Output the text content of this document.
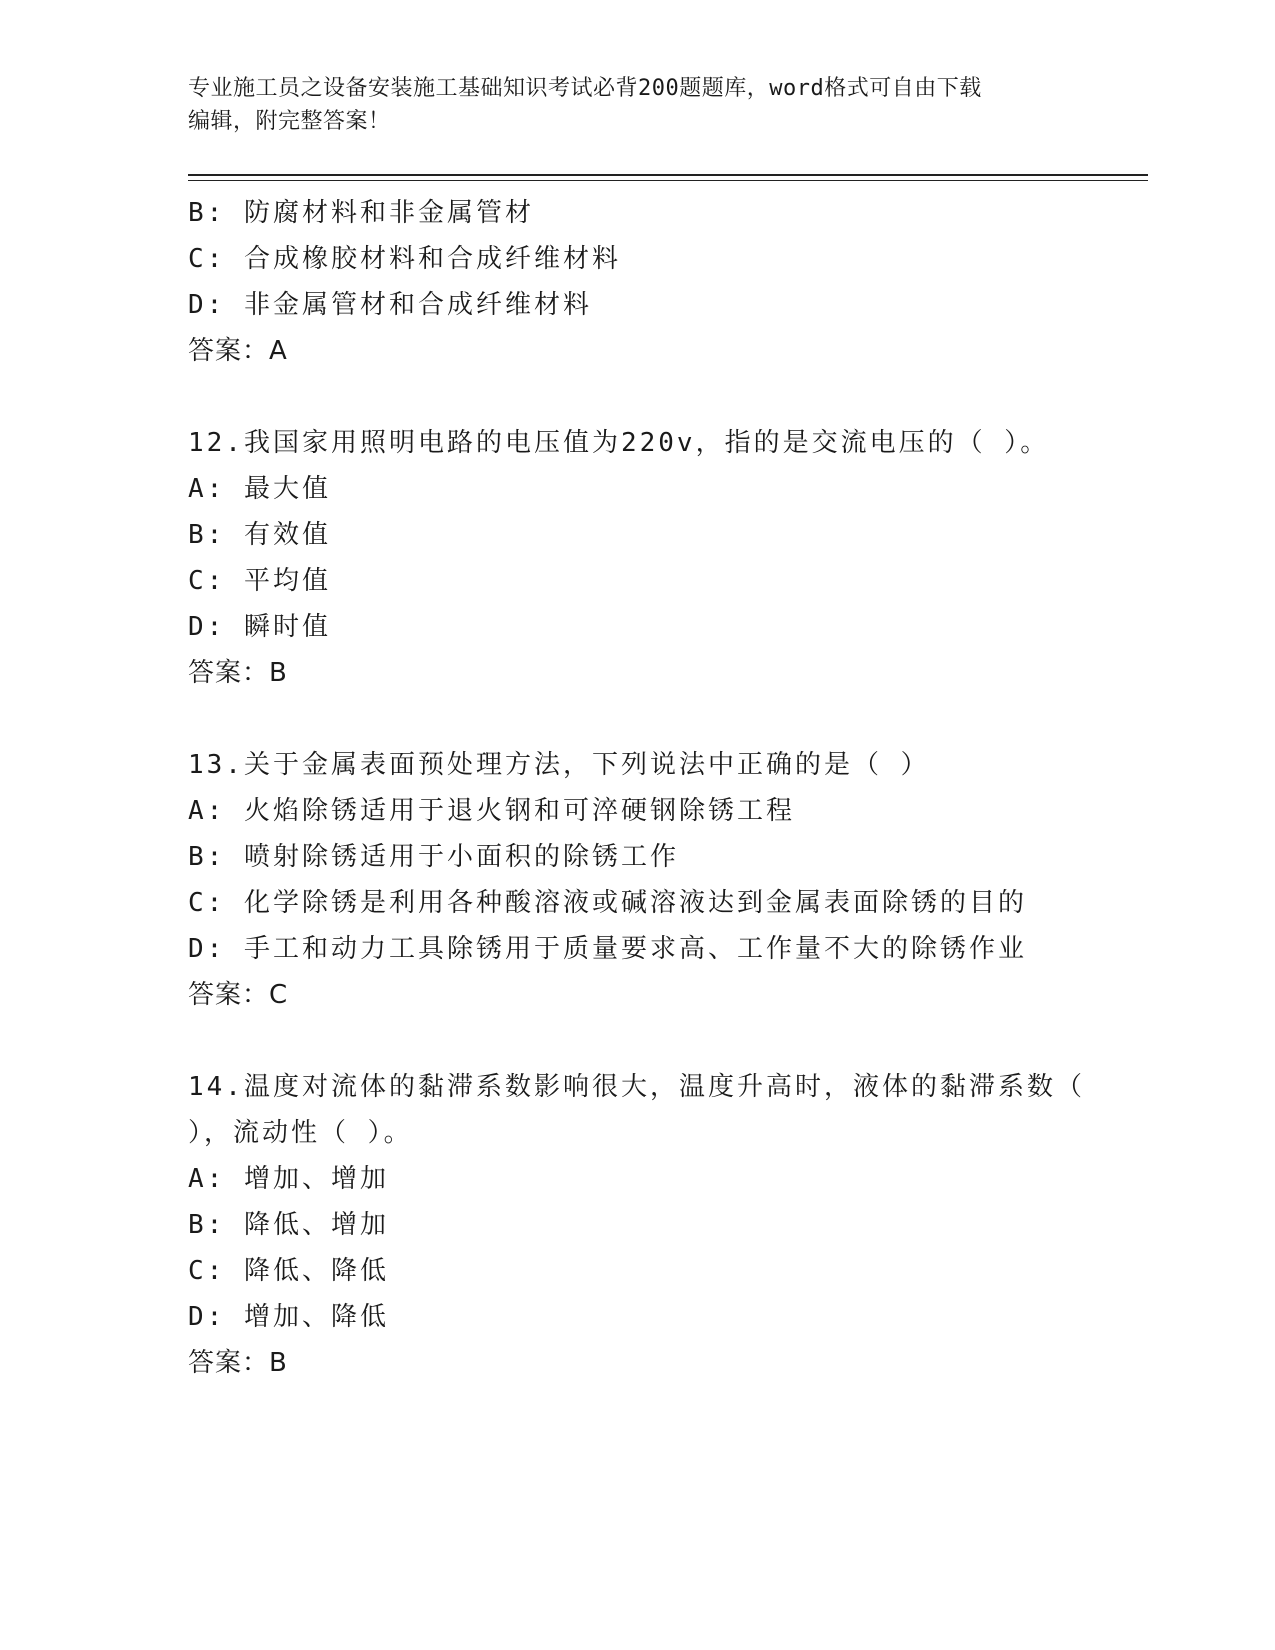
专业施工员之设备安装施工基础知识考试必背200题题库，word格式可自由下载
编辑，附完整答案！
B: 防腐材料和非金属管材
C: 合成橡胶材料和合成纤维材料
D: 非金属管材和合成纤维材料
答案：A
12.我国家用照明电路的电压值为220v，指的是交流电压的（ ）。
A: 最大值
B: 有效值
C: 平均值
D: 瞬时值
答案：B
13.关于金属表面预处理方法，下列说法中正确的是（ ）
A: 火焰除锈适用于退火钢和可淬硬钢除锈工程
B: 喷射除锈适用于小面积的除锈工作
C: 化学除锈是利用各种酸溶液或碱溶液达到金属表面除锈的目的
D: 手工和动力工具除锈用于质量要求高、工作量不大的除锈作业
答案：C
14.温度对流体的黏滞系数影响很大，温度升高时，液体的黏滞系数（
），流动性（ ）。
A: 增加、增加
B: 降低、增加
C: 降低、降低
D: 增加、降低
答案：B
